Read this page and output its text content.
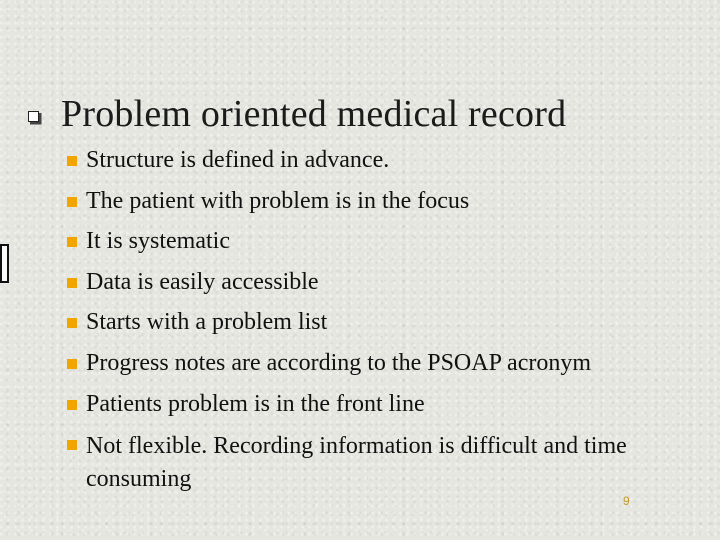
Problem oriented medical record
Structure is defined in advance.
The patient with problem is in the focus
It is systematic
Data is easily accessible
Starts with a problem list
Progress notes are according to the PSOAP acronym
Patients problem is in the front line
Not flexible. Recording information is difficult and time consuming
9
